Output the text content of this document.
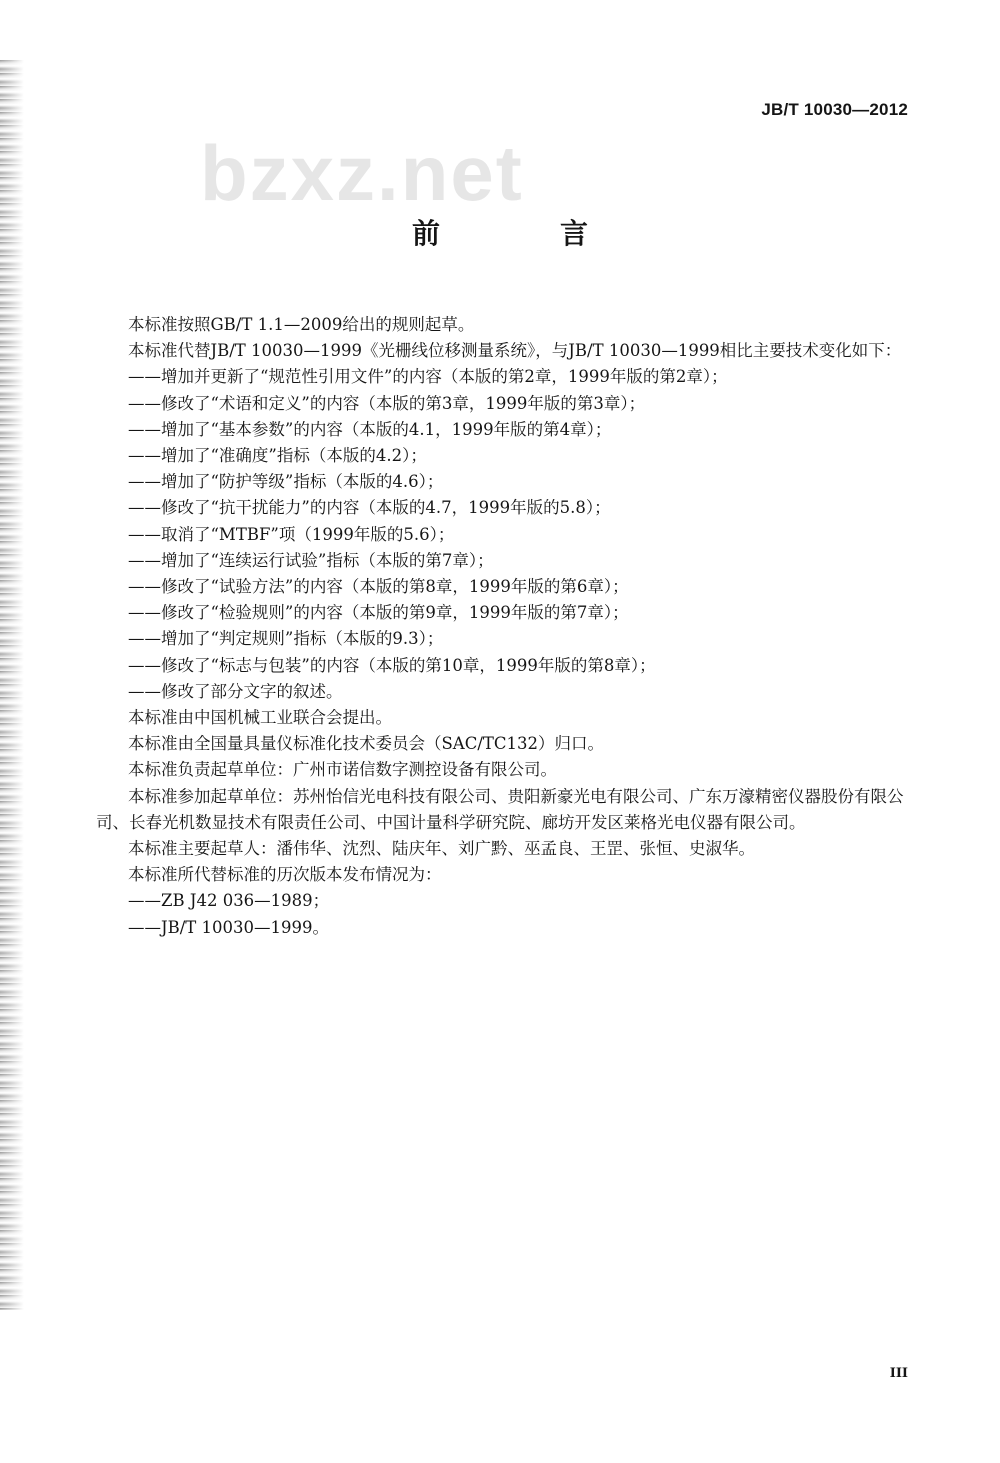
JB/T 10030—2012
bzxz.net
前　言

本标准按照GB/T 1.1—2009给出的规则起草。

本标准代替JB/T 10030—1999《光栅线位移测量系统》，与JB/T 10030—1999相比主要技术变化如下：

——增加并更新了“规范性引用文件”的内容（本版的第2章，1999年版的第2章）；

——修改了“术语和定义”的内容（本版的第3章，1999年版的第3章）；

——增加了“基本参数”的内容（本版的4.1，1999年版的第4章）；

——增加了“准确度”指标（本版的4.2）；

——增加了“防护等级”指标（本版的4.6）；

——修改了“抗干扰能力”的内容（本版的4.7，1999年版的5.8）；

——取消了“MTBF”项（1999年版的5.6）；

——增加了“连续运行试验”指标（本版的第7章）；

——修改了“试验方法”的内容（本版的第8章，1999年版的第6章）；

——修改了“检验规则”的内容（本版的第9章，1999年版的第7章）；

——增加了“判定规则”指标（本版的9.3）；

——修改了“标志与包装”的内容（本版的第10章，1999年版的第8章）；

——修改了部分文字的叙述。

本标准由中国机械工业联合会提出。

本标准由全国量具量仪标准化技术委员会（SAC/TC132）归口。

本标准负责起草单位：广州市诺信数字测控设备有限公司。

本标准参加起草单位：苏州怡信光电科技有限公司、贵阳新豪光电有限公司、广东万濠精密仪器股份有限公司、长春光机数显技术有限责任公司、中国计量科学研究院、廊坊开发区莱格光电仪器有限公司。

本标准主要起草人：潘伟华、沈烈、陆庆年、刘广黔、巫孟良、王罡、张恒、史淑华。

本标准所代替标准的历次版本发布情况为：

——ZB J42 036—1989；

——JB/T 10030—1999。

III
